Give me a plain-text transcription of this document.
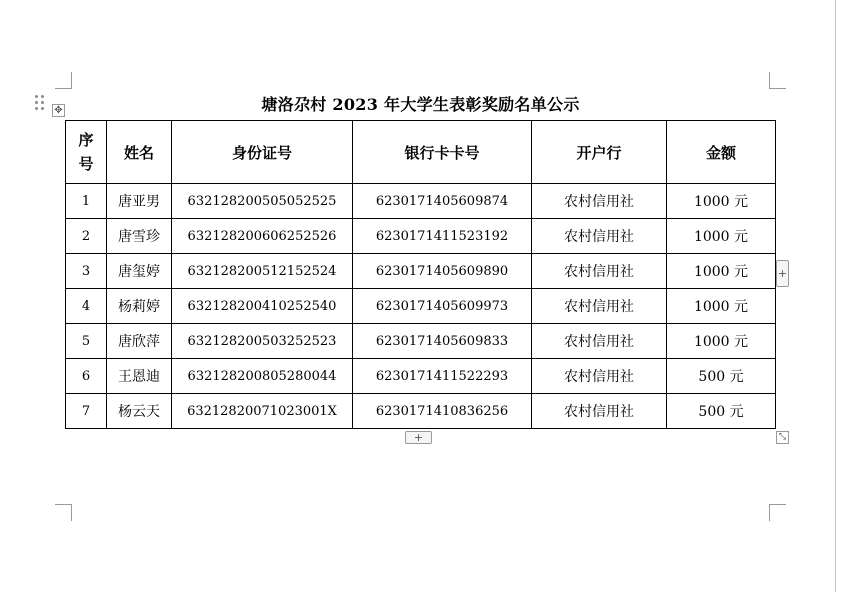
✥	塘洛尕村 2023 年大学生表彰奖励名单公示
序
号	姓名	身份证号	银行卡卡号	开户行	金额
1	唐亚男	632128200505052525	6230171405609874	农村信用社	1000 元
2	唐雪珍	632128200606252526	6230171411523192	农村信用社	1000 元
3	唐玺婷	632128200512152524	6230171405609890	农村信用社	1000 元
4	杨莉婷	632128200410252540	6230171405609973	农村信用社	1000 元
5	唐欣萍	632128200503252523	6230171405609833	农村信用社	1000 元
6	王恩迪	632128200805280044	6230171411522293	农村信用社	500 元
7	杨云天	63212820071023001X	6230171410836256	农村信用社	500 元
+
+	⤡
